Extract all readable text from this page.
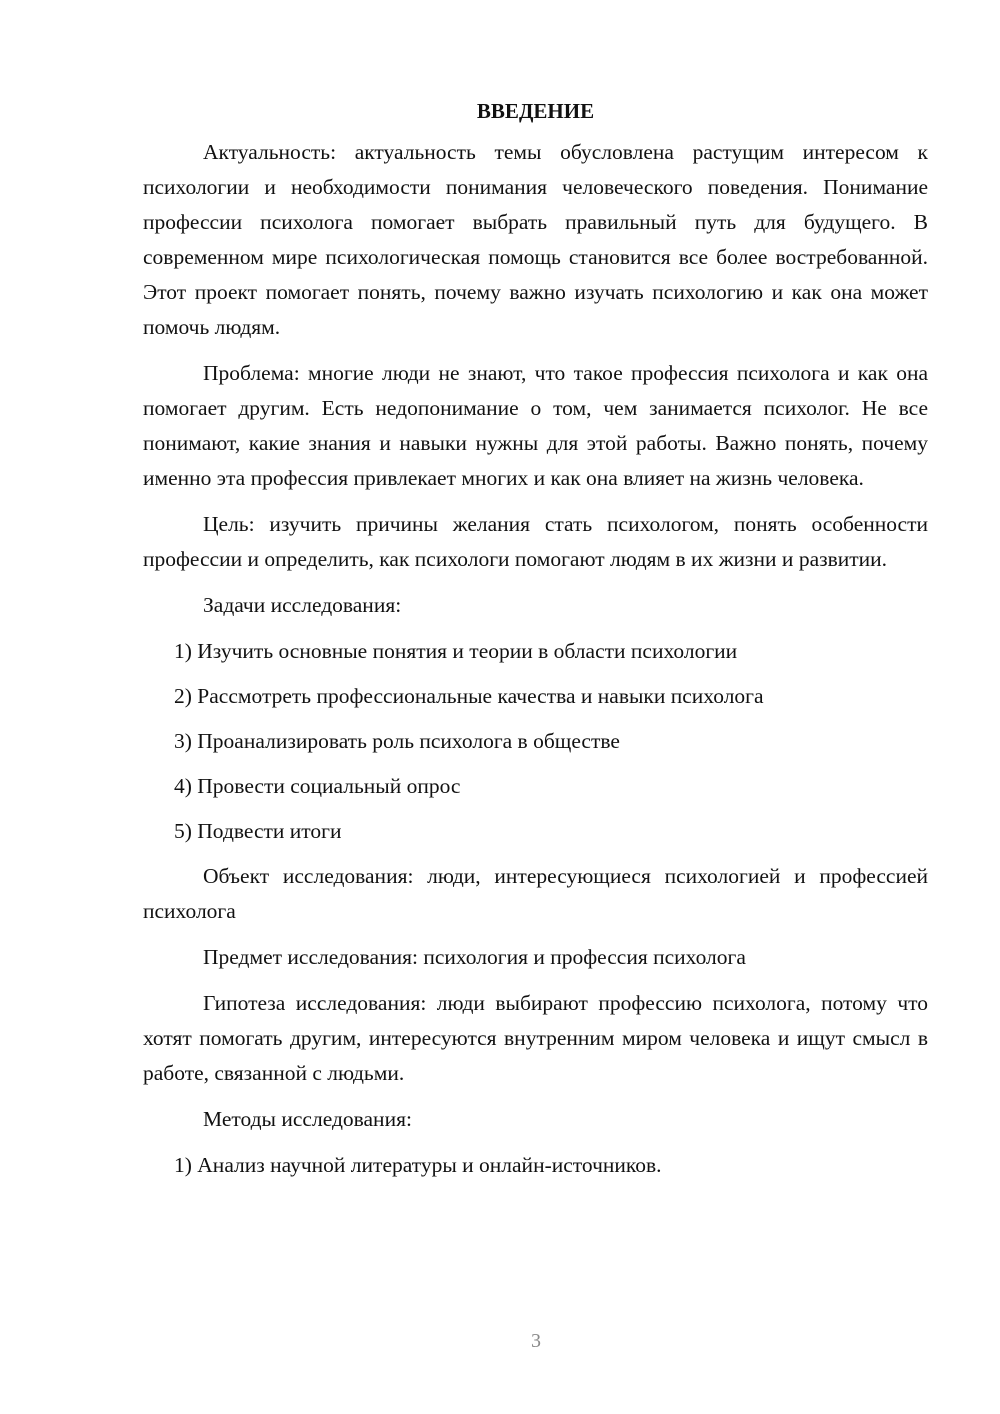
ВВЕДЕНИЕ

Актуальность: актуальность темы обусловлена растущим интересом к психологии и необходимости понимания человеческого поведения. Понимание профессии психолога помогает выбрать правильный путь для будущего. В современном мире психологическая помощь становится все более востребованной. Этот проект помогает понять, почему важно изучать психологию и как она может помочь людям.

Проблема: многие люди не знают, что такое профессия психолога и как она помогает другим. Есть недопонимание о том, чем занимается психолог. Не все понимают, какие знания и навыки нужны для этой работы. Важно понять, почему именно эта профессия привлекает многих и как она влияет на жизнь человека.

Цель: изучить причины желания стать психологом, понять особенности профессии и определить, как психологи помогают людям в их жизни и развитии.

Задачи исследования:

1) Изучить основные понятия и теории в области психологии

2) Рассмотреть профессиональные качества и навыки психолога

3) Проанализировать роль психолога в обществе

4) Провести социальный опрос

5) Подвести итоги

Объект исследования: люди, интересующиеся психологией и профессией психолога

Предмет исследования: психология и профессия психолога

Гипотеза исследования: люди выбирают профессию психолога, потому что хотят помогать другим, интересуются внутренним миром человека и ищут смысл в работе, связанной с людьми.

Методы исследования:

1) Анализ научной литературы и онлайн-источников.

3
